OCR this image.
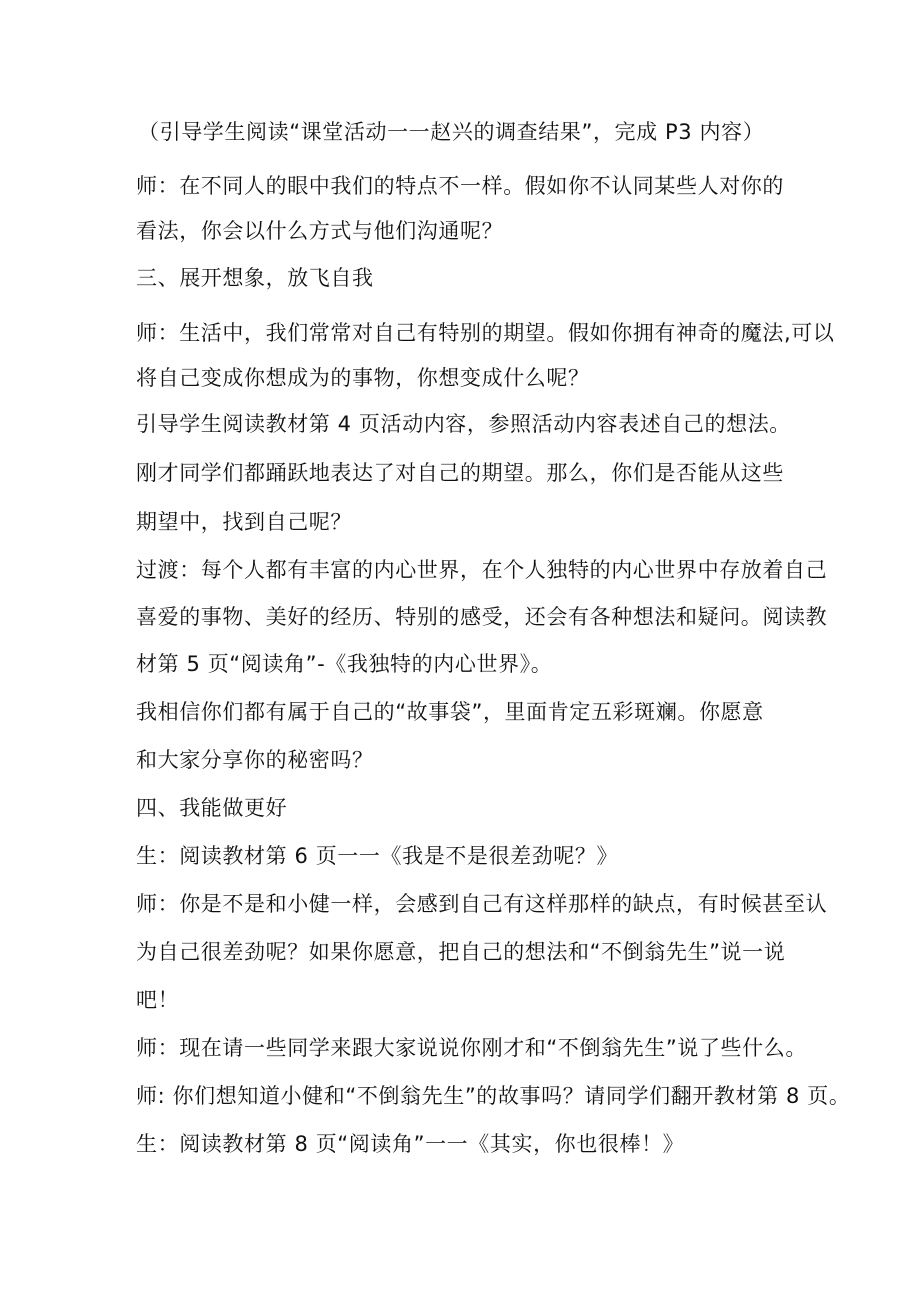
（引导学生阅读“课堂活动一一赵兴的调查结果”，完成 P3 内容）
师：在不同人的眼中我们的特点不一样。假如你不认同某些人对你的
看法，你会以什么方式与他们沟通呢？
三、展开想象，放飞自我
师：生活中，我们常常对自己有特别的期望。假如你拥有神奇的魔法,可以
将自己变成你想成为的事物，你想变成什么呢？
引导学生阅读教材第 4 页活动内容，参照活动内容表述自己的想法。
刚才同学们都踊跃地表达了对自己的期望。那么，你们是否能从这些
期望中，找到自己呢？
过渡：每个人都有丰富的内心世界，在个人独特的内心世界中存放着自己
喜爱的事物、美好的经历、特别的感受，还会有各种想法和疑问。阅读教
材第 5 页“阅读角”-《我独特的内心世界》。
我相信你们都有属于自己的“故事袋”，里面肯定五彩斑斓。你愿意
和大家分享你的秘密吗？
四、我能做更好
生：阅读教材第 6 页一一《我是不是很差劲呢？》
师：你是不是和小健一样，会感到自己有这样那样的缺点，有时候甚至认
为自己很差劲呢？如果你愿意，把自己的想法和“不倒翁先生”说一说
吧！
师：现在请一些同学来跟大家说说你刚才和“不倒翁先生”说了些什么。
师: 你们想知道小健和“不倒翁先生”的故事吗？请同学们翻开教材第 8 页。
生：阅读教材第 8 页“阅读角”一一《其实，你也很棒！》
